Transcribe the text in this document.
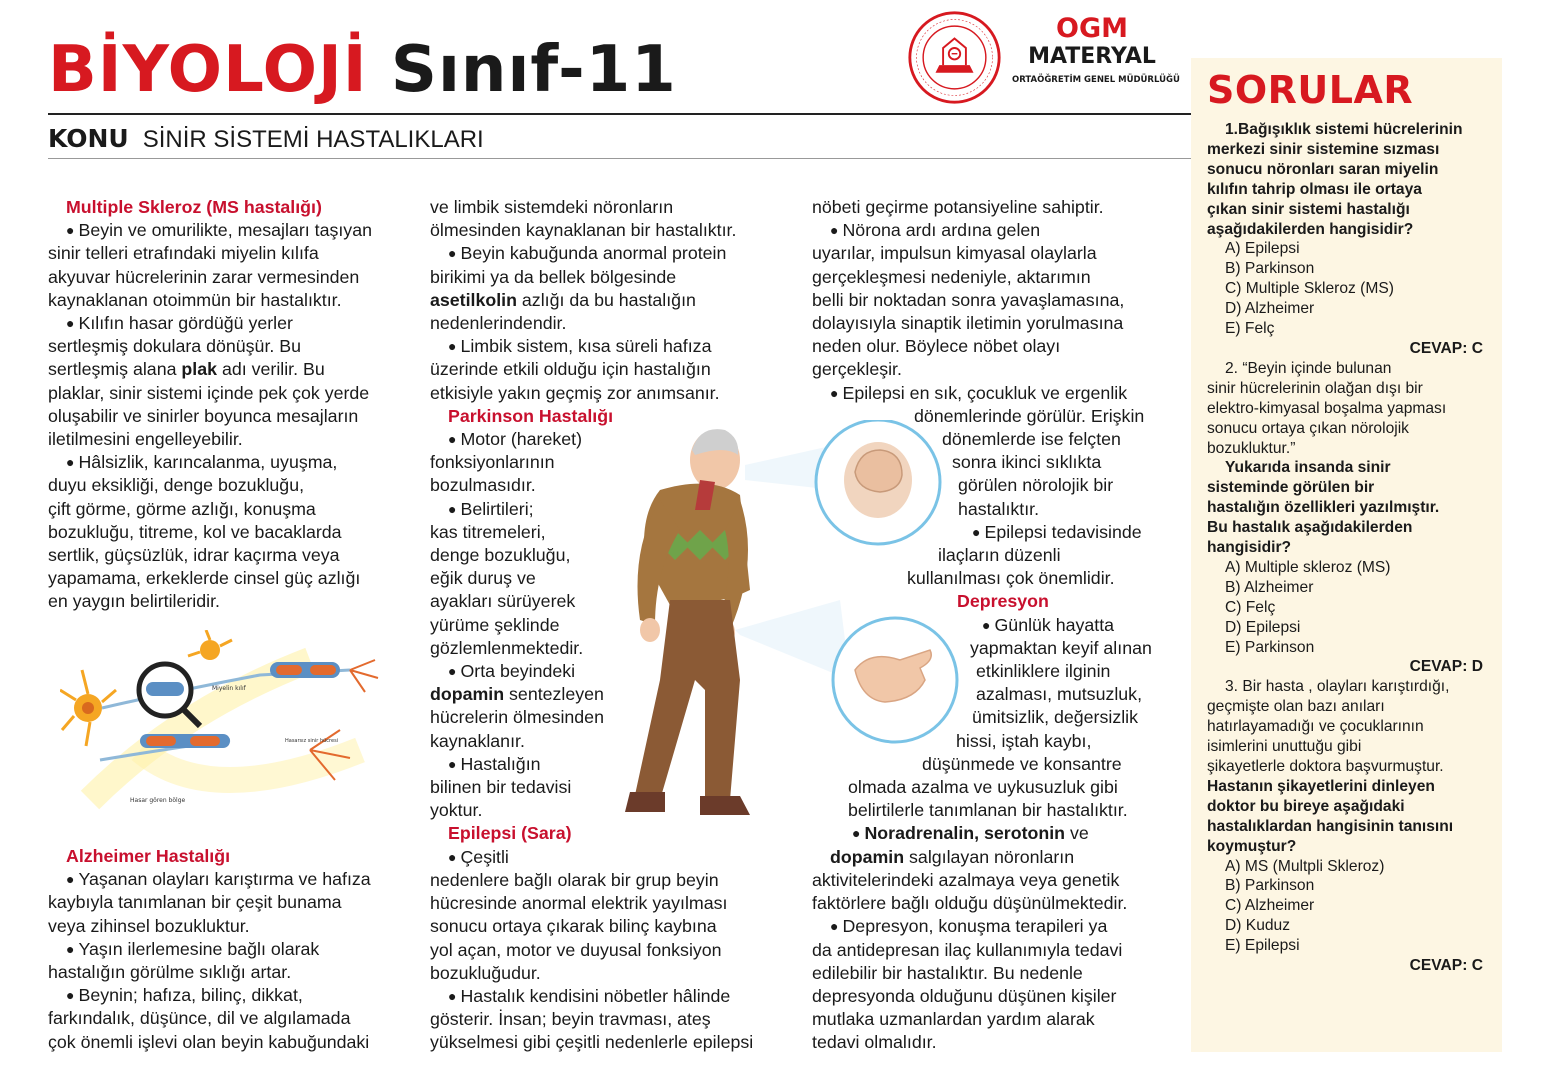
BİYOLOJİ Sınıf-11
KONU SİNİR SİSTEMİ HASTALIKLARI
OGM
MATERYAL
ORTAÖĞRETİM GENEL MÜDÜRLÜĞÜ

Multiple Skleroz (MS hastalığı)

● Beyin ve omurilikte, mesajları taşıyan

sinir telleri etrafındaki miyelin kılıfa

akyuvar hücrelerinin zarar vermesinden

kaynaklanan otoimmün bir hastalıktır.

● Kılıfın hasar gördüğü yerler

sertleşmiş dokulara dönüşür. Bu

sertleşmiş alana plak adı verilir. Bu

plaklar, sinir sistemi içinde pek çok yerde

oluşabilir ve sinirler boyunca mesajların

iletilmesini engelleyebilir.

● Hâlsizlik, karıncalanma, uyuşma,

duyu eksikliği, denge bozukluğu,

çift görme, görme azlığı, konuşma

bozukluğu, titreme, kol ve bacaklarda

sertlik, güçsüzlük, idrar kaçırma veya

yapamama, erkeklerde cinsel güç azlığı

en yaygın belirtileridir.

Miyelin kılıf
Hasarsız sinir hücresi
Hasar gören bölge

Alzheimer Hastalığı

● Yaşanan olayları karıştırma ve hafıza

kaybıyla tanımlanan bir çeşit bunama

veya zihinsel bozukluktur.

● Yaşın ilerlemesine bağlı olarak

hastalığın görülme sıklığı artar.

● Beynin; hafıza, bilinç, dikkat,

farkındalık, düşünce, dil ve algılamada

çok önemli işlevi olan beyin kabuğundaki

ve limbik sistemdeki nöronların

ölmesinden kaynaklanan bir hastalıktır.

● Beyin kabuğunda anormal protein

birikimi ya da bellek bölgesinde

asetilkolin azlığı da bu hastalığın

nedenlerindendir.

● Limbik sistem, kısa süreli hafıza

üzerinde etkili olduğu için hastalığın

etkisiyle yakın geçmiş zor anımsanır.

Parkinson Hastalığı

● Motor (hareket)

fonksiyonlarının

bozulmasıdır.

● Belirtileri;

kas titremeleri,

denge bozukluğu,

eğik duruş ve

ayakları sürüyerek

yürüme şeklinde

gözlemlenmektedir.

● Orta beyindeki

dopamin sentezleyen

hücrelerin ölmesinden

kaynaklanır.

● Hastalığın

bilinen bir tedavisi

yoktur.

Epilepsi (Sara)

● Çeşitli

nedenlere bağlı olarak bir grup beyin

hücresinde anormal elektrik yayılması

sonucu ortaya çıkarak bilinç kaybına

yol açan, motor ve duyusal fonksiyon

bozukluğudur.

● Hastalık kendisini nöbetler hâlinde

gösterir. İnsan; beyin travması, ateş

yükselmesi gibi çeşitli nedenlerle epilepsi

nöbeti geçirme potansiyeline sahiptir.

● Nörona ardı ardına gelen

uyarılar, impulsun kimyasal olaylarla

gerçekleşmesi nedeniyle, aktarımın

belli bir noktadan sonra yavaşlamasına,

dolayısıyla sinaptik iletimin yorulmasına

neden olur. Böylece nöbet olayı

gerçekleşir.

● Epilepsi en sık, çocukluk ve ergenlik

dönemlerinde görülür. Erişkin

dönemlerde ise felçten

sonra ikinci sıklıkta

görülen nörolojik bir

hastalıktır.

● Epilepsi tedavisinde

ilaçların düzenli

kullanılması çok önemlidir.

Depresyon

● Günlük hayatta

yapmaktan keyif alınan

etkinliklere ilginin

azalması, mutsuzluk,

ümitsizlik, değersizlik

hissi, iştah kaybı,

düşünmede ve konsantre

olmada azalma ve uykusuzluk gibi

belirtilerle tanımlanan bir hastalıktır.

● Noradrenalin, serotonin ve

dopamin salgılayan nöronların

aktivitelerindeki azalmaya veya genetik

faktörlere bağlı olduğu düşünülmektedir.

● Depresyon, konuşma terapileri ya

da antidepresan ilaç kullanımıyla tedavi

edilebilir bir hastalıktır. Bu nedenle

depresyonda olduğunu düşünen kişiler

mutlaka uzmanlardan yardım alarak

tedavi olmalıdır.

SORULAR

1.Bağışıklık sistemi hücrelerinin

merkezi sinir sistemine sızması

sonucu nöronları saran miyelin

kılıfın tahrip olması ile ortaya

çıkan sinir sistemi hastalığı

aşağıdakilerden hangisidir?

A) Epilepsi

B) Parkinson

C) Multiple Skleroz (MS)

D) Alzheimer

E) Felç

CEVAP: C

2. “Beyin içinde bulunan

sinir hücrelerinin olağan dışı bir

elektro-kimyasal boşalma yapması

sonucu ortaya çıkan nörolojik

bozukluktur.”

Yukarıda insanda sinir

sisteminde görülen bir

hastalığın özellikleri yazılmıştır.

Bu hastalık aşağıdakilerden

hangisidir?

A) Multiple skleroz (MS)

B) Alzheimer

C) Felç

D) Epilepsi

E) Parkinson

CEVAP: D

3. Bir hasta , olayları karıştırdığı,

geçmişte olan bazı anıları

hatırlayamadığı ve çocuklarının

isimlerini unuttuğu gibi

şikayetlerle doktora başvurmuştur.

Hastanın şikayetlerini dinleyen

doktor bu bireye aşağıdaki

hastalıklardan hangisinin tanısını

koymuştur?

A) MS (Multpli Skleroz)

B) Parkinson

C) Alzheimer

D) Kuduz

E) Epilepsi

CEVAP: C
